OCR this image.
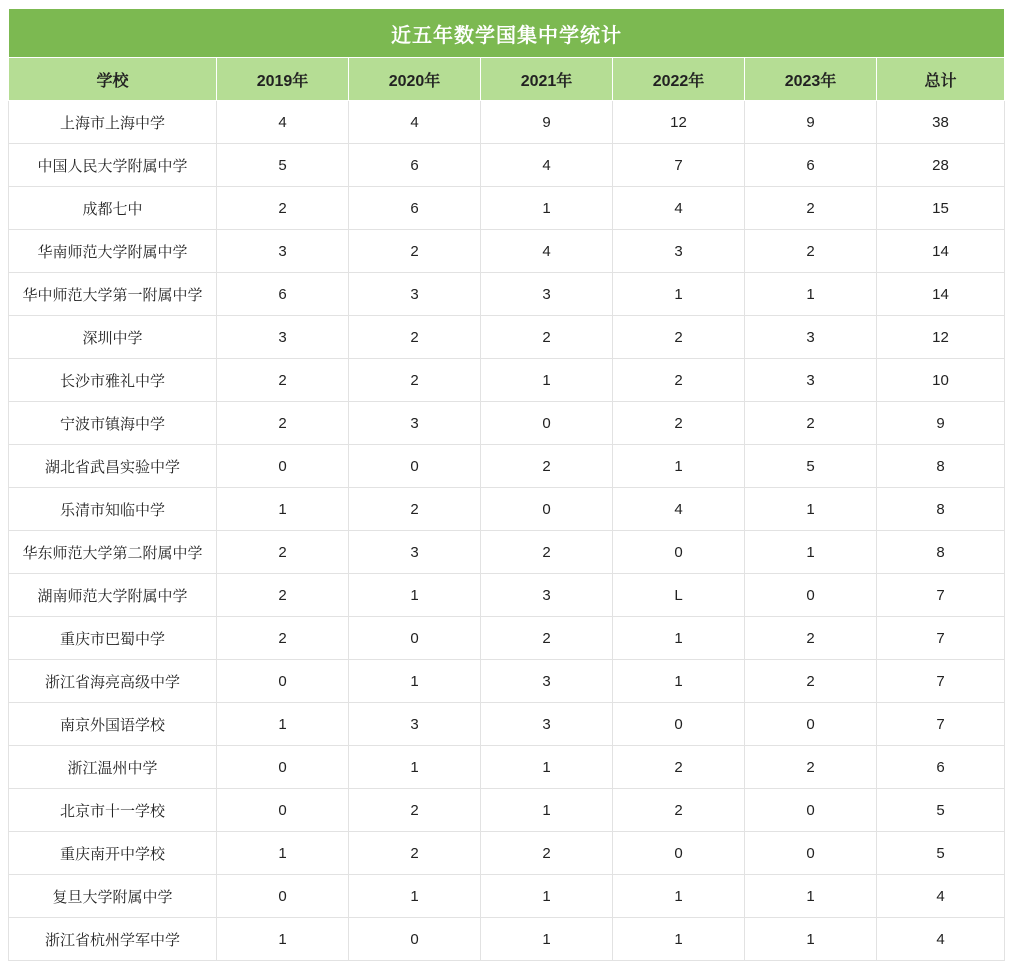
近五年数学国集中学统计						
学校	2019年	2020年	2021年	2022年	2023年	总计
上海市上海中学	4	4	9	12	9	38
中国人民大学附属中学	5	6	4	7	6	28
成都七中	2	6	1	4	2	15
华南师范大学附属中学	3	2	4	3	2	14
华中师范大学第一附属中学	6	3	3	1	1	14
深圳中学	3	2	2	2	3	12
长沙市雅礼中学	2	2	1	2	3	10
宁波市镇海中学	2	3	0	2	2	9
湖北省武昌实验中学	0	0	2	1	5	8
乐清市知临中学	1	2	0	4	1	8
华东师范大学第二附属中学	2	3	2	0	1	8
湖南师范大学附属中学	2	1	3	L	0	7
重庆市巴蜀中学	2	0	2	1	2	7
浙江省海亮高级中学	0	1	3	1	2	7
南京外国语学校	1	3	3	0	0	7
浙江温州中学	0	1	1	2	2	6
北京市十一学校	0	2	1	2	0	5
重庆南开中学校	1	2	2	0	0	5
复旦大学附属中学	0	1	1	1	1	4
浙江省杭州学军中学	1	0	1	1	1	4
